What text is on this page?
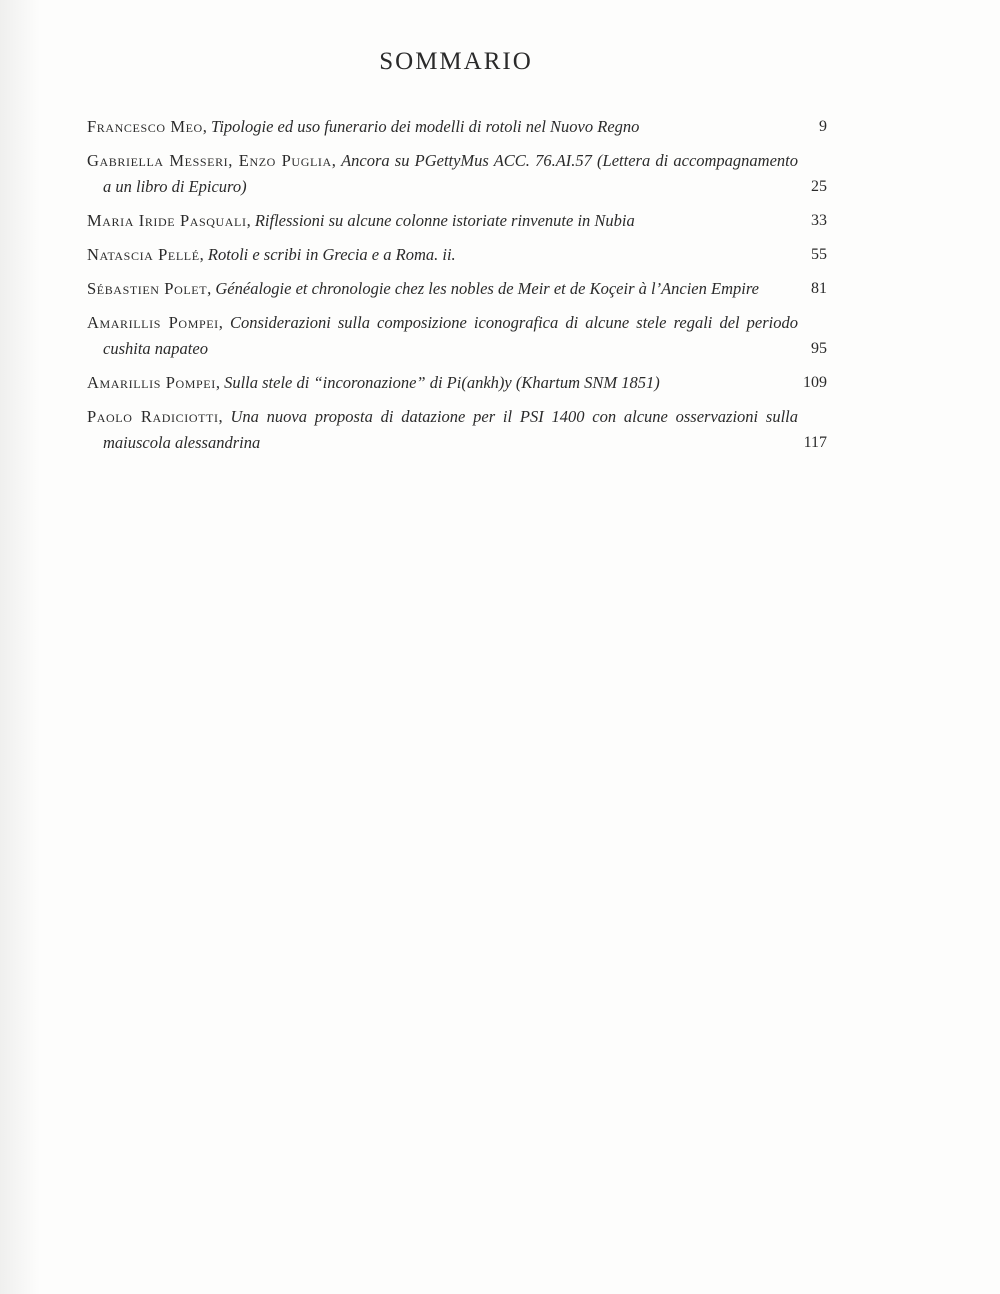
SOMMARIO
Francesco Meo, Tipologie ed uso funerario dei modelli di rotoli nel Nuovo Regno	9
Gabriella Messeri, Enzo Puglia, Ancora su PGettyMus ACC. 76.AI.57 (Lettera di accompagnamento a un libro di Epicuro)	25
Maria Iride Pasquali, Riflessioni su alcune colonne istoriate rinvenute in Nubia	33
Natascia Pellé, Rotoli e scribi in Grecia e a Roma. ii.	55
Sébastien Polet, Généalogie et chronologie chez les nobles de Meir et de Koçeir à l’Ancien Empire	81
Amarillis Pompei, Considerazioni sulla composizione iconografica di alcune stele regali del periodo cushita napateo	95
Amarillis Pompei, Sulla stele di “incoronazione” di Pi(ankh)y (Khartum SNM 1851)	109
Paolo Radiciotti, Una nuova proposta di datazione per il PSI 1400 con alcune osservazioni sulla maiuscola alessandrina	117
